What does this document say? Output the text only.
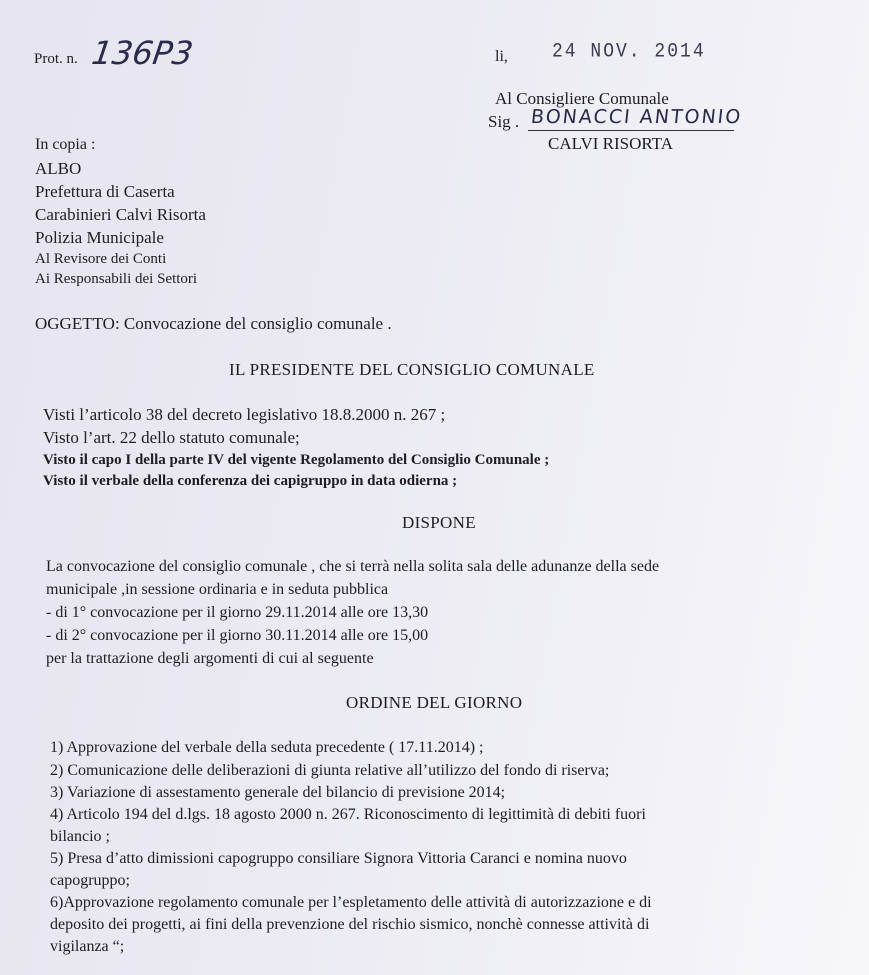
Prot. n. 136P3	li, 24 NOV. 2014
Al Consigliere Comunale
Sig . BONACCI ANTONIO
CALVI RISORTA
In copia :
ALBO
Prefettura di Caserta
Carabinieri Calvi Risorta
Polizia Municipale
Al Revisore dei Conti
Ai Responsabili dei Settori
OGGETTO: Convocazione del consiglio comunale .
IL PRESIDENTE DEL CONSIGLIO COMUNALE
Visti l’articolo 38 del decreto legislativo 18.8.2000 n. 267 ;
Visto l’art. 22 dello statuto comunale;
Visto il capo I della parte IV del vigente Regolamento del Consiglio Comunale ;
Visto il verbale della conferenza dei capigruppo in data odierna ;
DISPONE
La convocazione del consiglio comunale , che si terrà nella solita sala delle adunanze della sede
municipale ,in sessione ordinaria e in seduta pubblica
- di 1° convocazione per il giorno 29.11.2014 alle ore 13,30
- di 2° convocazione per il giorno 30.11.2014 alle ore 15,00
per la trattazione degli argomenti di cui al seguente
ORDINE DEL GIORNO
1) Approvazione del verbale della seduta precedente ( 17.11.2014) ;
2) Comunicazione delle deliberazioni di giunta relative all’utilizzo del fondo di riserva;
3) Variazione di assestamento generale del bilancio di previsione 2014;
4) Articolo 194 del d.lgs. 18 agosto 2000 n. 267. Riconoscimento di legittimità di debiti fuori
bilancio ;
5) Presa d’atto dimissioni capogruppo consiliare Signora Vittoria Caranci e nomina nuovo
capogruppo;
6)Approvazione regolamento comunale per l’espletamento delle attività di autorizzazione e di
deposito dei progetti, ai fini della prevenzione del rischio sismico, nonchè connesse attività di
vigilanza “;
